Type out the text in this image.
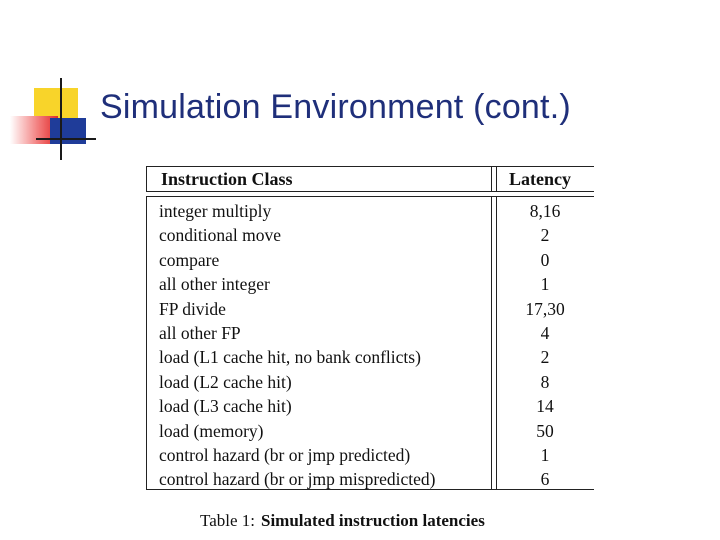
Simulation Environment (cont.)
Instruction Class	Latency
integer multiply
conditional move
compare
all other integer
FP divide
all other FP
load (L1 cache hit, no bank conflicts)
load (L2 cache hit)
load (L3 cache hit)
load (memory)
control hazard (br or jmp predicted)
control hazard (br or jmp mispredicted)
8,16
2
0
1
17,30
4
2
8
14
50
1
6

Table 1: Simulated instruction latencies
